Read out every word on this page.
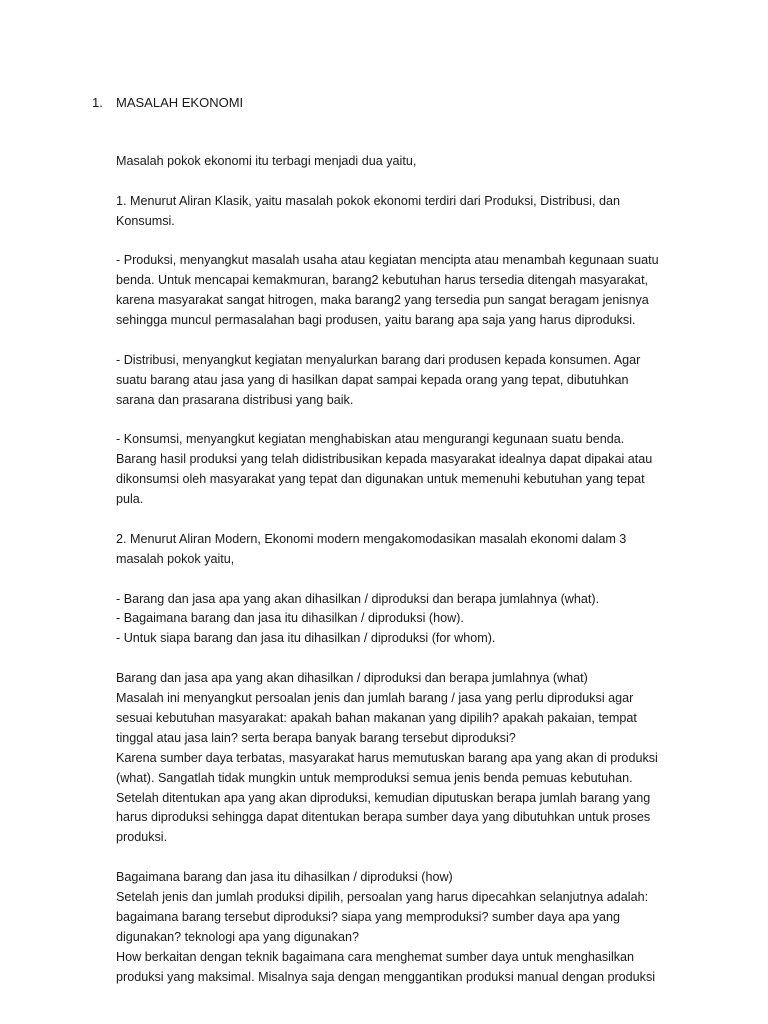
1. MASALAH EKONOMI
Masalah pokok ekonomi itu terbagi menjadi dua yaitu,
1. Menurut Aliran Klasik, yaitu masalah pokok ekonomi terdiri dari Produksi, Distribusi, dan
Konsumsi.
- Produksi, menyangkut masalah usaha atau kegiatan mencipta atau menambah kegunaan suatu
benda. Untuk mencapai kemakmuran, barang2 kebutuhan harus tersedia ditengah masyarakat,
karena masyarakat sangat hitrogen, maka barang2 yang tersedia pun sangat beragam jenisnya
sehingga muncul permasalahan bagi produsen, yaitu barang apa saja yang harus diproduksi.
- Distribusi, menyangkut kegiatan menyalurkan barang dari produsen kepada konsumen. Agar
suatu barang atau jasa yang di hasilkan dapat sampai kepada orang yang tepat, dibutuhkan
sarana dan prasarana distribusi yang baik.
- Konsumsi, menyangkut kegiatan menghabiskan atau mengurangi kegunaan suatu benda.
Barang hasil produksi yang telah didistribusikan kepada masyarakat idealnya dapat dipakai atau
dikonsumsi oleh masyarakat yang tepat dan digunakan untuk memenuhi kebutuhan yang tepat
pula.
2. Menurut Aliran Modern, Ekonomi modern mengakomodasikan masalah ekonomi dalam 3
masalah pokok yaitu,
- Barang dan jasa apa yang akan dihasilkan / diproduksi dan berapa jumlahnya (what).
- Bagaimana barang dan jasa itu dihasilkan / diproduksi (how).
- Untuk siapa barang dan jasa itu dihasilkan / diproduksi (for whom).
Barang dan jasa apa yang akan dihasilkan / diproduksi dan berapa jumlahnya (what)
Masalah ini menyangkut persoalan jenis dan jumlah barang / jasa yang perlu diproduksi agar
sesuai kebutuhan masyarakat: apakah bahan makanan yang dipilih? apakah pakaian, tempat
tinggal atau jasa lain? serta berapa banyak barang tersebut diproduksi?
Karena sumber daya terbatas, masyarakat harus memutuskan barang apa yang akan di produksi
(what). Sangatlah tidak mungkin untuk memproduksi semua jenis benda pemuas kebutuhan.
Setelah ditentukan apa yang akan diproduksi, kemudian diputuskan berapa jumlah barang yang
harus diproduksi sehingga dapat ditentukan berapa sumber daya yang dibutuhkan untuk proses
produksi.
Bagaimana barang dan jasa itu dihasilkan / diproduksi (how)
Setelah jenis dan jumlah produksi dipilih, persoalan yang harus dipecahkan selanjutnya adalah:
bagaimana barang tersebut diproduksi? siapa yang memproduksi? sumber daya apa yang
digunakan? teknologi apa yang digunakan?
How berkaitan dengan teknik bagaimana cara menghemat sumber daya untuk menghasilkan
produksi yang maksimal. Misalnya saja dengan menggantikan produksi manual dengan produksi
